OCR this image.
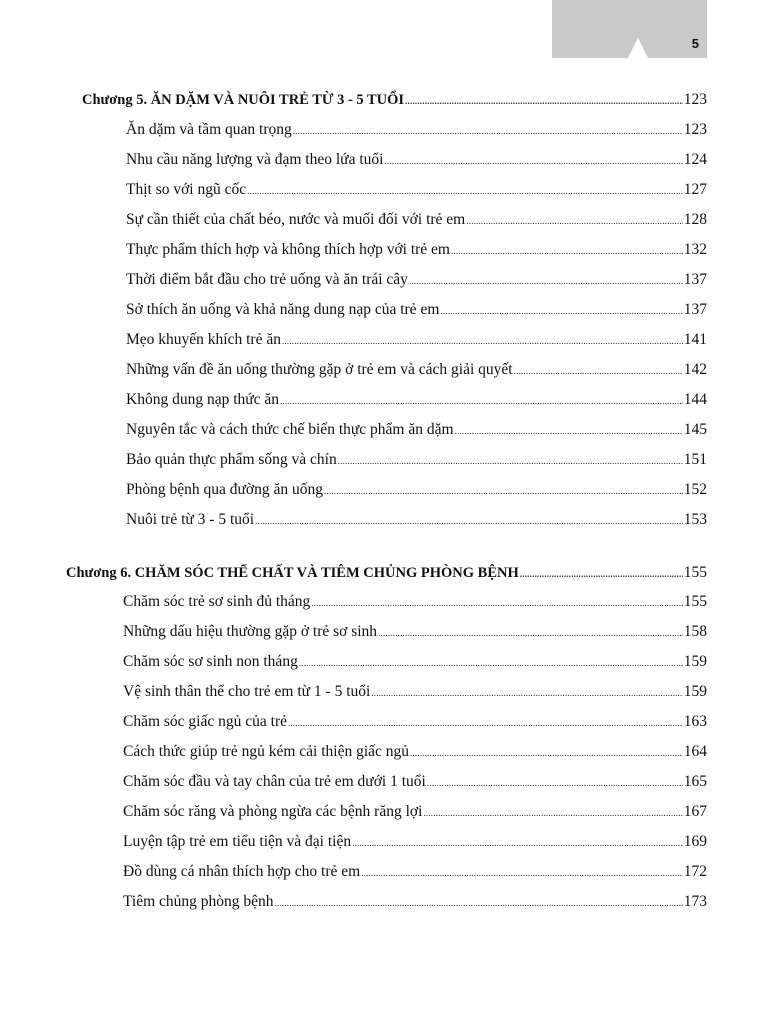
5
Chương 5. ĂN DẶM VÀ NUÔI TRẺ TỪ 3 - 5 TUỔI .....	123
Ăn dặm và tầm quan trọng .....	123
Nhu cầu năng lượng và đạm theo lứa tuổi .....	124
Thịt so với ngũ cốc .....	127
Sự cần thiết của chất béo, nước và muối đối với trẻ em .....	128
Thực phẩm thích hợp và không thích hợp với trẻ em .....	132
Thời điểm bắt đầu cho trẻ uống và ăn trái cây .....	137
Sở thích ăn uống và khả năng dung nạp của trẻ em .....	137
Mẹo khuyến khích trẻ ăn .....	141
Những vấn đề ăn uống thường gặp ở trẻ em và cách giải quyết .....	142
Không dung nạp thức ăn .....	144
Nguyên tắc và cách thức chế biến thực phẩm ăn dặm .....	145
Bảo quản thực phẩm sống và chín .....	151
Phòng bệnh qua đường ăn uống .....	152
Nuôi trẻ từ 3 - 5 tuổi .....	153
Chương 6. CHĂM SÓC THỂ CHẤT VÀ TIÊM CHỦNG PHÒNG BỆNH .....	155
Chăm sóc trẻ sơ sinh đủ tháng .....	155
Những dấu hiệu thường gặp ở trẻ sơ sinh .....	158
Chăm sóc sơ sinh non tháng .....	159
Vệ sinh thân thể cho trẻ em từ 1 - 5 tuổi .....	159
Chăm sóc giấc ngủ của trẻ .....	163
Cách thức giúp trẻ ngủ kém cải thiện giấc ngủ .....	164
Chăm sóc đầu và tay chân của trẻ em dưới 1 tuổi .....	165
Chăm sóc răng và phòng ngừa các bệnh răng lợi .....	167
Luyện tập trẻ em tiểu tiện và đại tiện .....	169
Đồ dùng cá nhân thích hợp cho trẻ em .....	172
Tiêm chủng phòng bệnh .....	173
